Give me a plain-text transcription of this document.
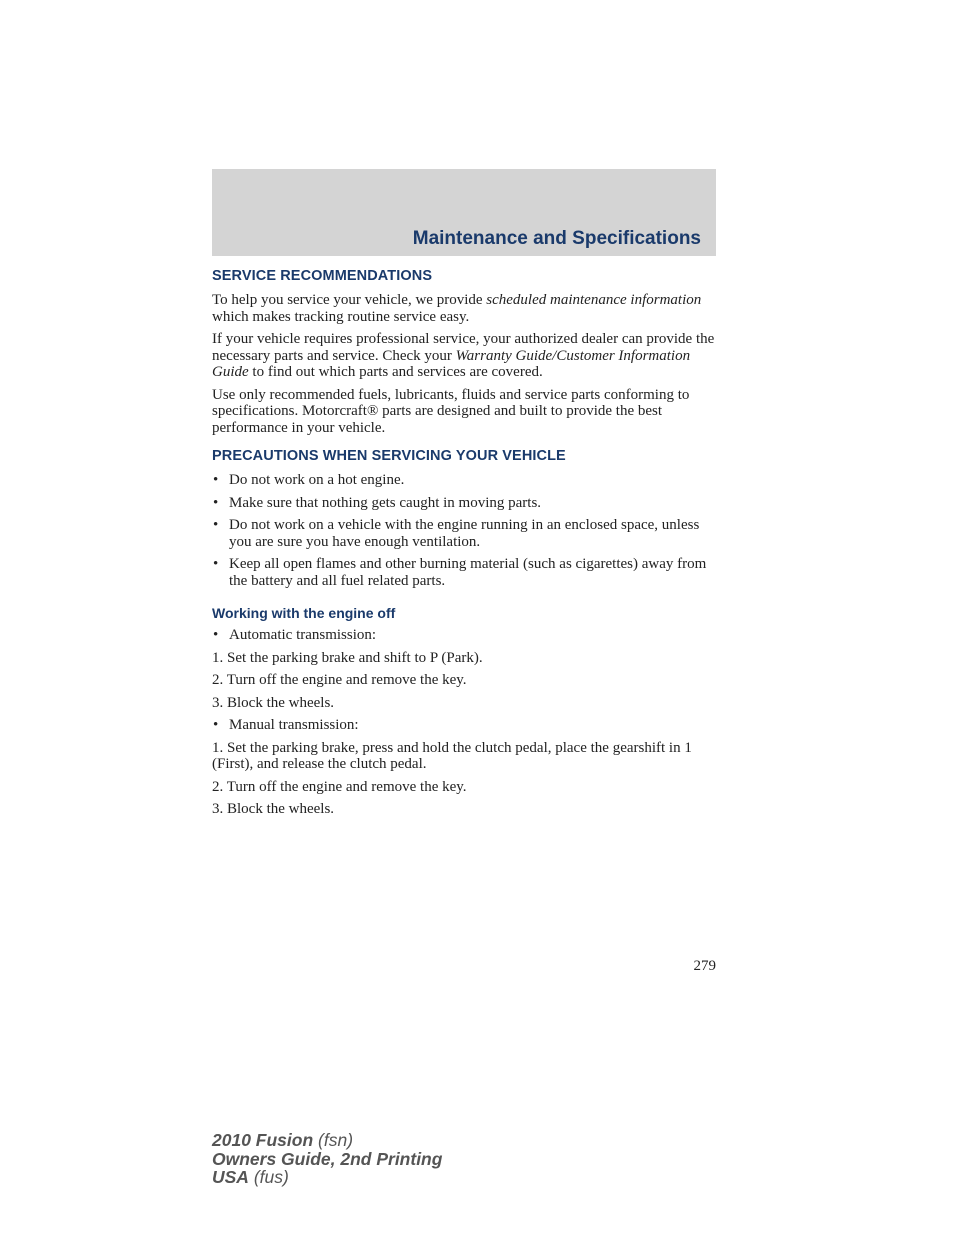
Maintenance and Specifications
SERVICE RECOMMENDATIONS

To help you service your vehicle, we provide scheduled maintenance information which makes tracking routine service easy.

If your vehicle requires professional service, your authorized dealer can provide the necessary parts and service. Check your Warranty Guide/Customer Information Guide to find out which parts and services are covered.

Use only recommended fuels, lubricants, fluids and service parts conforming to specifications. Motorcraft® parts are designed and built to provide the best performance in your vehicle.

PRECAUTIONS WHEN SERVICING YOUR VEHICLE
• Do not work on a hot engine.
• Make sure that nothing gets caught in moving parts.
• Do not work on a vehicle with the engine running in an enclosed space, unless you are sure you have enough ventilation.
• Keep all open flames and other burning material (such as cigarettes) away from the battery and all fuel related parts.
Working with the engine off
• Automatic transmission:

1. Set the parking brake and shift to P (Park).

2. Turn off the engine and remove the key.

3. Block the wheels.

• Manual transmission:

1. Set the parking brake, press and hold the clutch pedal, place the gearshift in 1 (First), and release the clutch pedal.

2. Turn off the engine and remove the key.

3. Block the wheels.

279
2010 Fusion (fsn)
Owners Guide, 2nd Printing
USA (fus)
